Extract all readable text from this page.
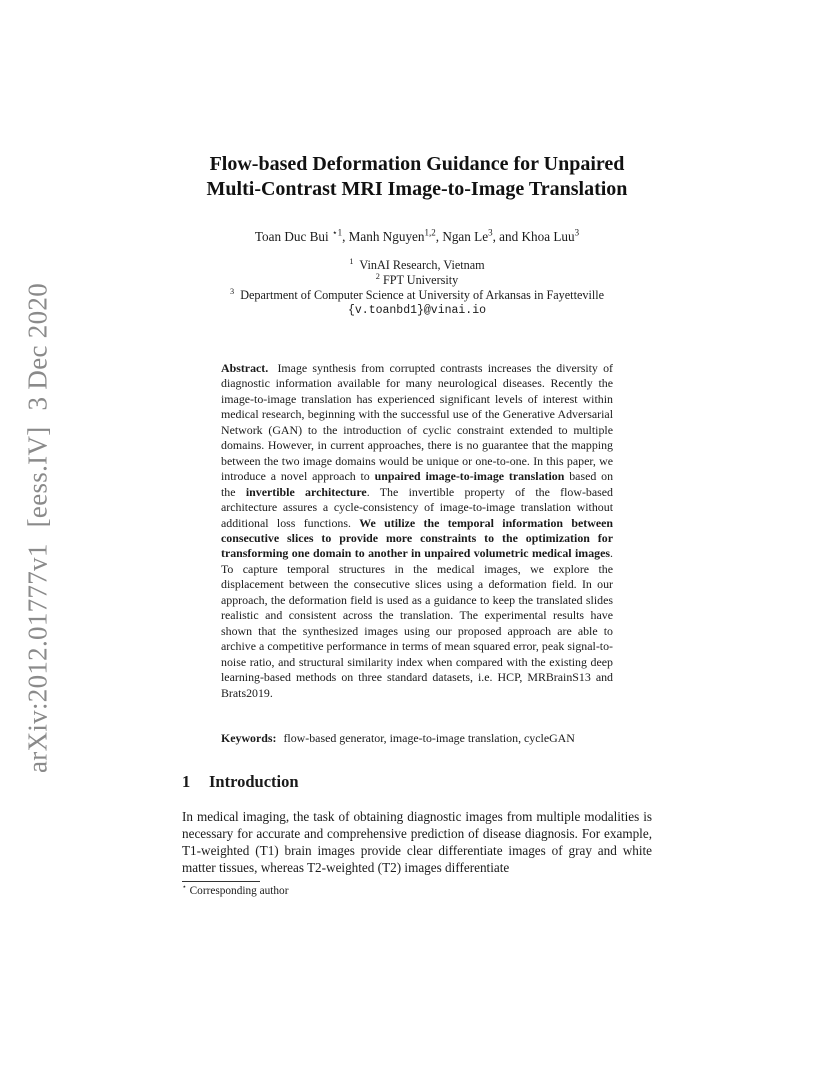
arXiv:2012.01777v1[eess.IV]3 Dec 2020
Flow-based Deformation Guidance for Unpaired
Multi-Contrast MRI Image-to-Image Translation
Toan Duc Bui $^{⋆1}$, Manh Nguyen$^{1,2}$, Ngan Le$^3$, and Khoa Luu$^3$
$^1$ VinAI Research, Vietnam
$^2$ FPT University
$^3$ Department of Computer Science at University of Arkansas in Fayetteville
{v.toanbd1}@vinai.io
Abstract. Image synthesis from corrupted contrasts increases the diversity of diagnostic information available for many neurological diseases. Recently the image-to-image translation has experienced significant levels of interest within medical research, beginning with the successful use of the Generative Adversarial Network (GAN) to the introduction of cyclic constraint extended to multiple domains. However, in current approaches, there is no guarantee that the mapping between the two image domains would be unique or one-to-one. In this paper, we introduce a novel approach to unpaired image-to-image translation based on the invertible architecture. The invertible property of the flow-based architecture assures a cycle-consistency of image-to-image translation without additional loss functions. We utilize the temporal information between consecutive slices to provide more constraints to the optimization for transforming one domain to another in unpaired volumetric medical images. To capture temporal structures in the medical images, we explore the displacement between the consecutive slices using a deformation field. In our approach, the deformation field is used as a guidance to keep the translated slides realistic and consistent across the translation. The experimental results have shown that the synthesized images using our proposed approach are able to archive a competitive performance in terms of mean squared error, peak signal-to-noise ratio, and structural similarity index when compared with the existing deep learning-based methods on three standard datasets, i.e. HCP, MRBrainS13 and Brats2019.
Keywords: flow-based generator, image-to-image translation, cycleGAN
1 Introduction
In medical imaging, the task of obtaining diagnostic images from multiple modalities is necessary for accurate and comprehensive prediction of disease diagnosis. For example, T1-weighted (T1) brain images provide clear differentiate images of gray and white matter tissues, whereas T2-weighted (T2) images differentiate
⋆ Corresponding author
